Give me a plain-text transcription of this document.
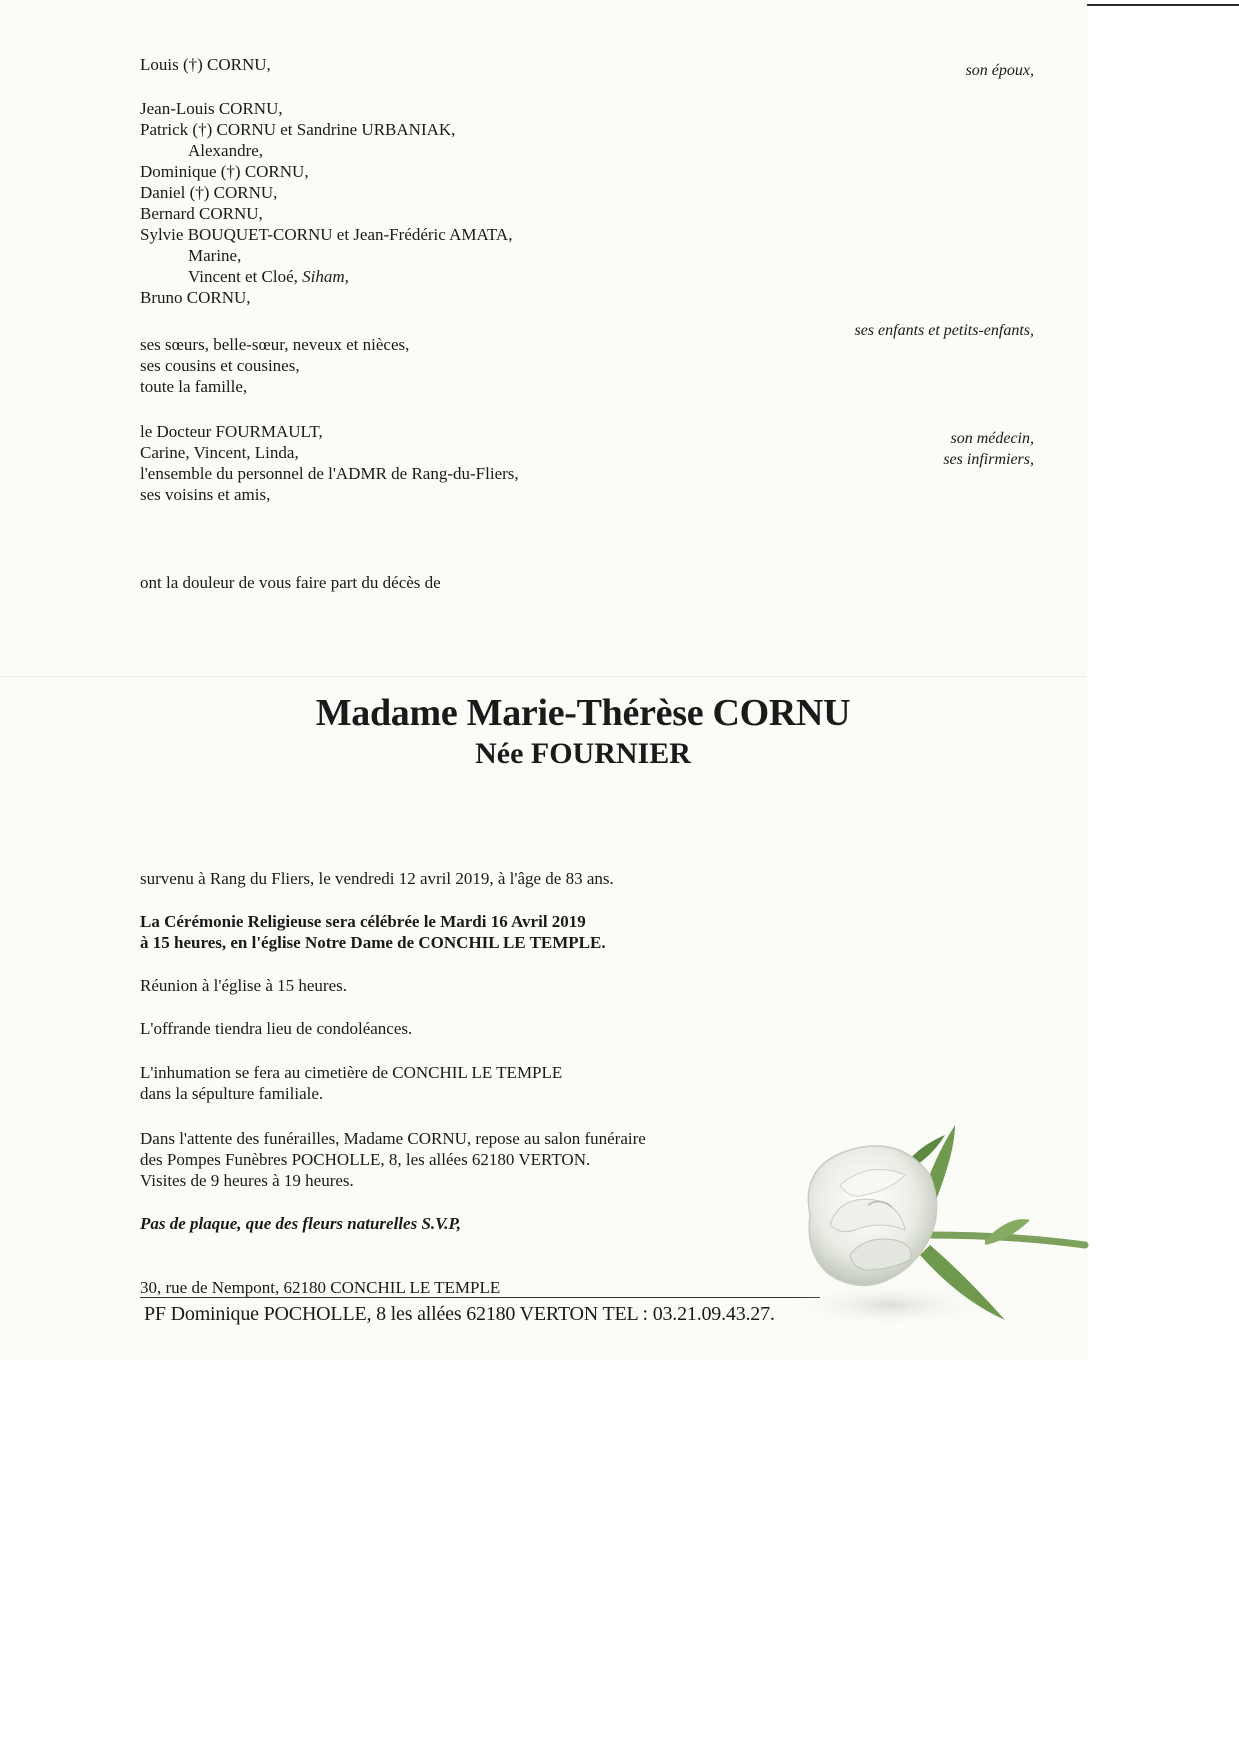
Louis (†) CORNU,
Jean-Louis CORNU,
Patrick (†) CORNU et Sandrine URBANIAK,
Alexandre,
Dominique (†) CORNU,
Daniel (†) CORNU,
Bernard CORNU,
Sylvie BOUQUET-CORNU et Jean-Frédéric AMATA,
Marine,
Vincent et Cloé, Siham,
Bruno CORNU,
ses sœurs, belle-sœur, neveux et nièces,
ses cousins et cousines,
toute la famille,
le Docteur FOURMAULT,
Carine, Vincent, Linda,
l'ensemble du personnel de l'ADMR de Rang-du-Fliers,
ses voisins et amis,
ont la douleur de vous faire part du décès de
son époux,
ses enfants et petits-enfants,
son médecin,
ses infirmiers,
Madame Marie-Thérèse CORNU
Née FOURNIER
survenu à Rang du Fliers, le vendredi 12 avril 2019, à l'âge de 83 ans.
La Cérémonie Religieuse sera célébrée le Mardi 16 Avril 2019
à 15 heures, en l'église Notre Dame de CONCHIL LE TEMPLE.
Réunion à l'église à 15 heures.
L'offrande tiendra lieu de condoléances.
L'inhumation se fera au cimetière de CONCHIL LE TEMPLE
dans la sépulture familiale.
Dans l'attente des funérailles, Madame CORNU, repose au salon funéraire
des Pompes Funèbres POCHOLLE, 8, les allées 62180 VERTON.
Visites de 9 heures à 19 heures.
Pas de plaque, que des fleurs naturelles S.V.P,
30, rue de Nempont, 62180 CONCHIL LE TEMPLE
PF Dominique POCHOLLE, 8 les allées 62180 VERTON TEL : 03.21.09.43.27.
